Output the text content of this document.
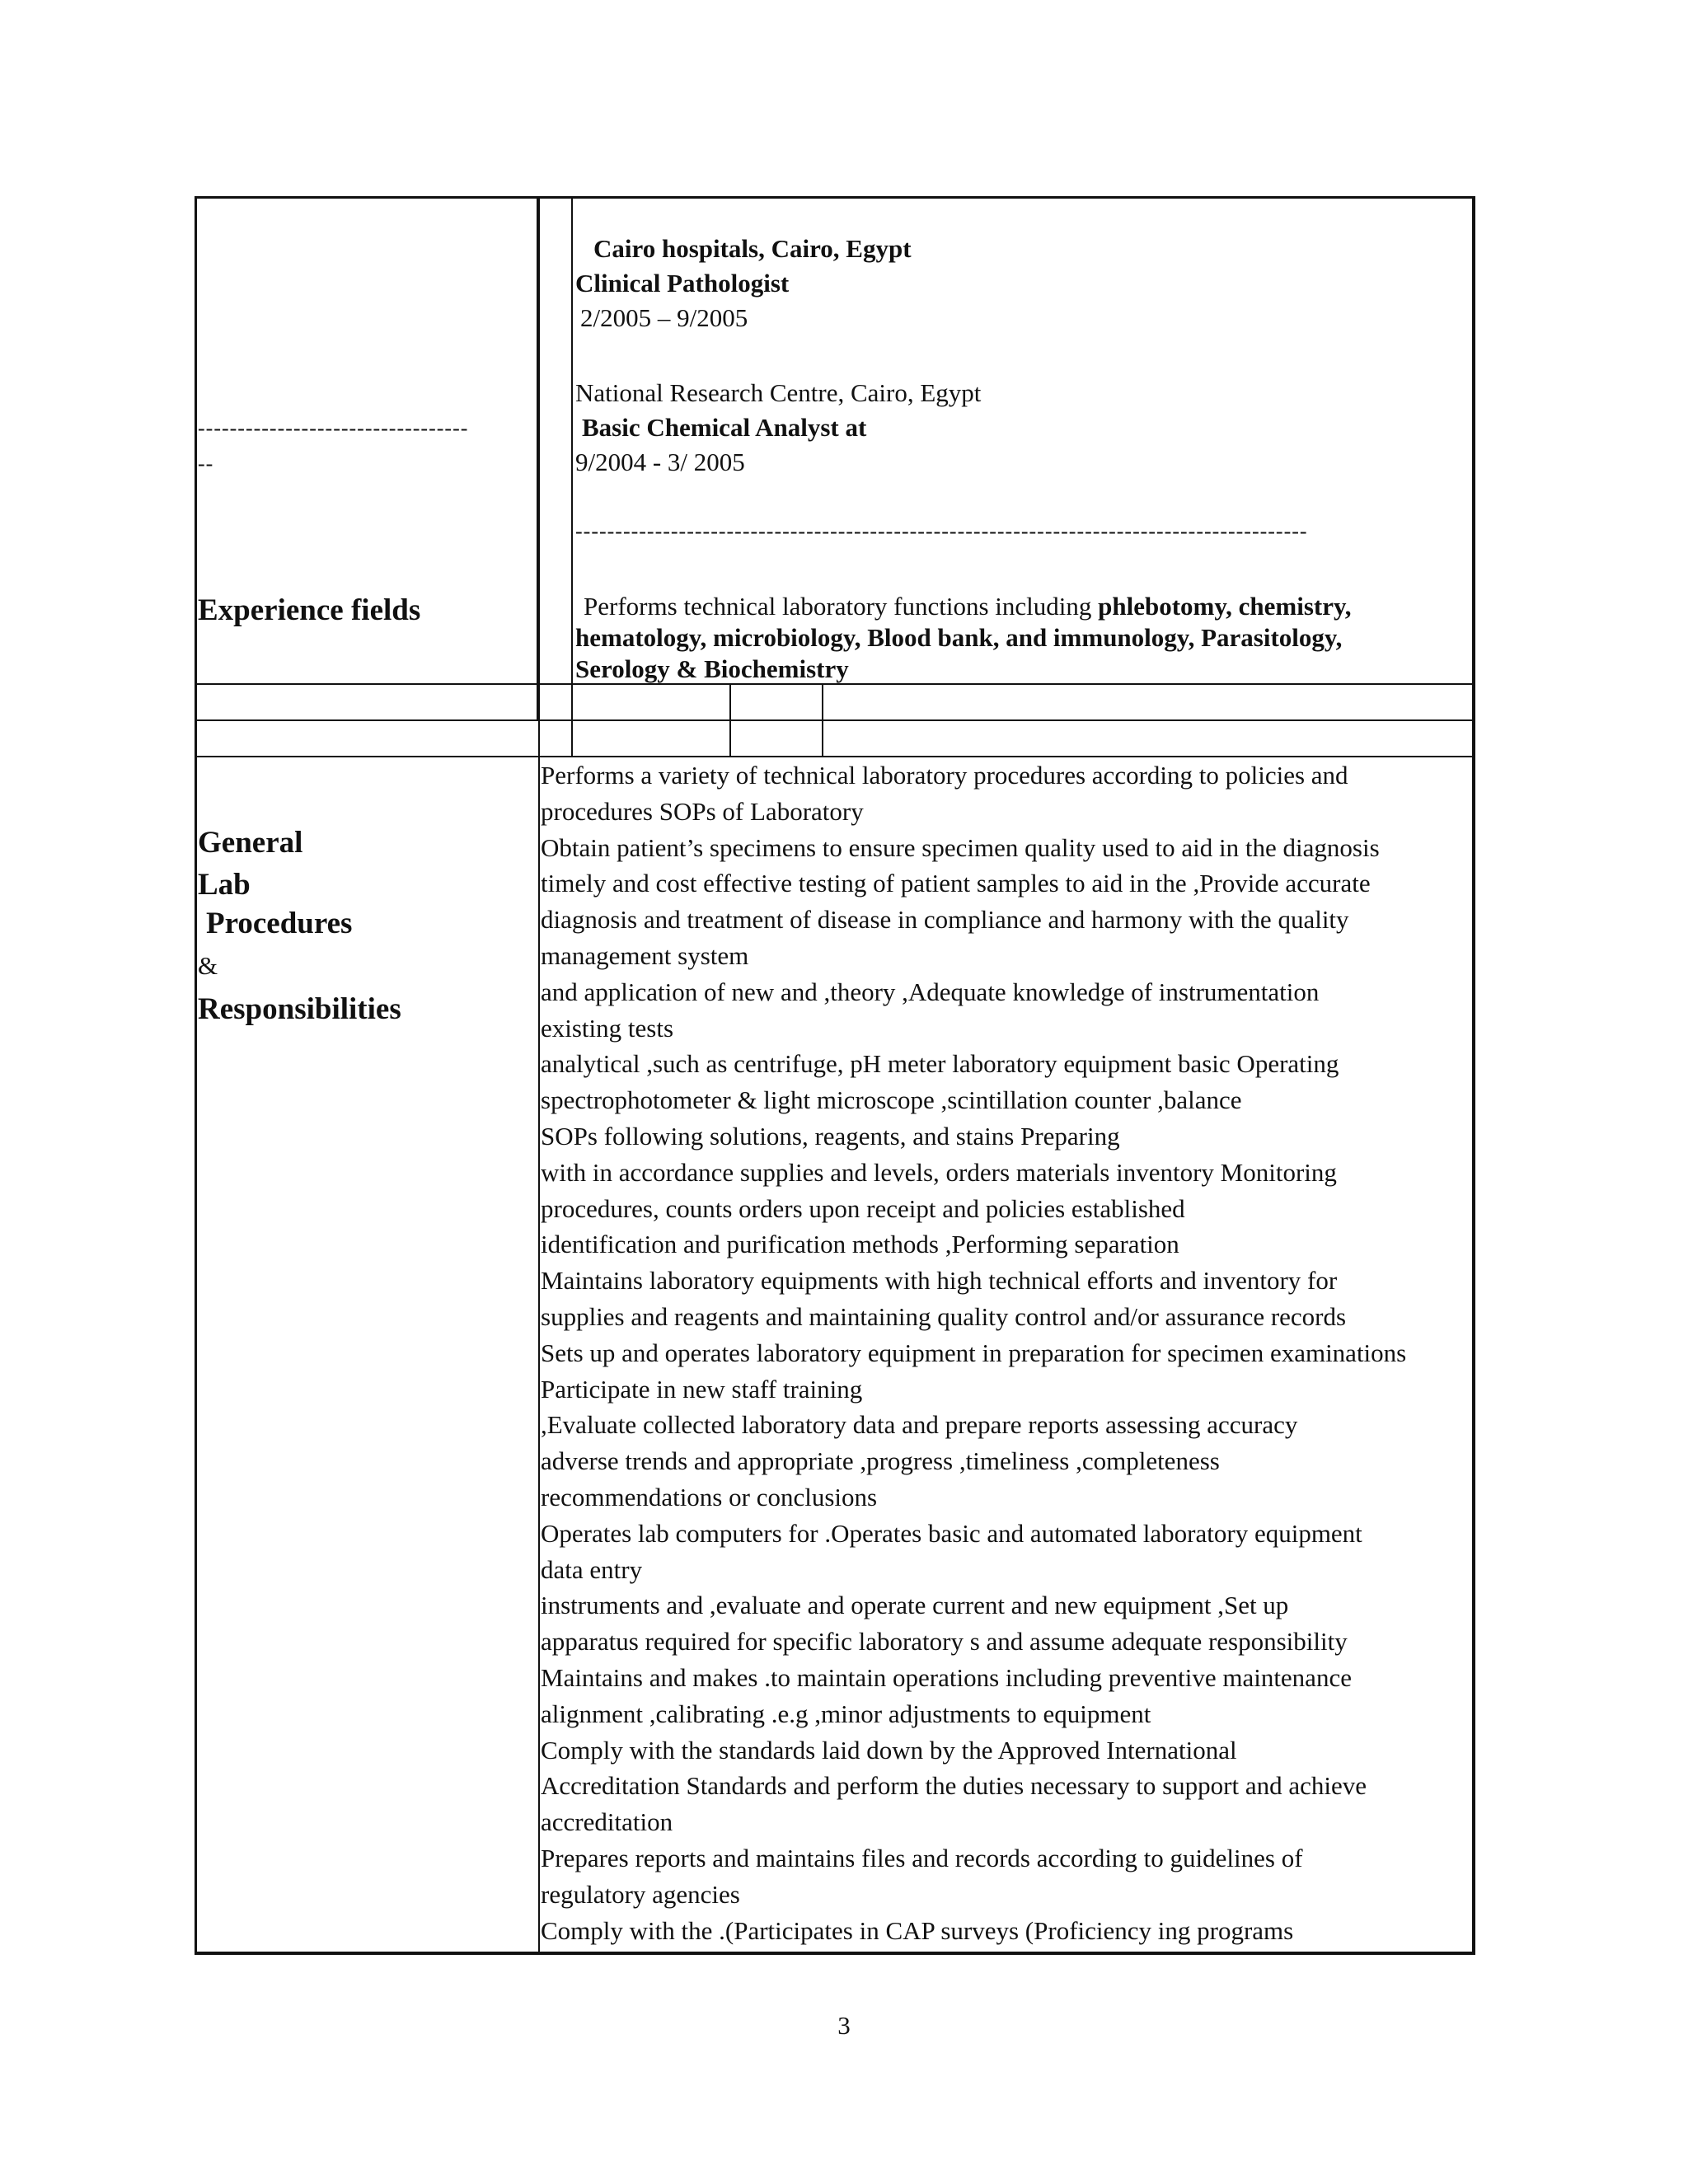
Cairo hospitals, Cairo, Egypt
Clinical Pathologist
2/2005 – 9/2005
National Research Centre, Cairo, Egypt
Basic Chemical Analyst at
9/2004 - 3/ 2005
----------------------------------
--
--------------------------------------------------------------------------------------------
Experience fields	Performs technical laboratory functions including phlebotomy, chemistry,
hematology, microbiology, Blood bank, and immunology, Parasitology,
Serology & Biochemistry
General
Lab
Procedures
&
Responsibilities
Performs a variety of technical laboratory procedures according to policies and
procedures SOPs of Laboratory
Obtain patient’s specimens to ensure specimen quality used to aid in the diagnosis
timely and cost effective testing of patient samples to aid in the ,Provide accurate
diagnosis and treatment of disease in compliance and harmony with the quality
management system
and application of new and ,theory ,Adequate knowledge of instrumentation
existing tests
analytical ,such as centrifuge, pH meter laboratory equipment basic Operating
spectrophotometer & light microscope ,scintillation counter ,balance
SOPs following solutions, reagents, and stains Preparing
with in accordance supplies and levels, orders materials inventory Monitoring
procedures, counts orders upon receipt and policies established
identification and purification methods ,Performing separation
Maintains laboratory equipments with high technical efforts and inventory for
supplies and reagents and maintaining quality control and/or assurance records
Sets up and operates laboratory equipment in preparation for specimen examinations
Participate in new staff training
,Evaluate collected laboratory data and prepare reports assessing accuracy
adverse trends and appropriate ,progress ,timeliness ,completeness
recommendations or conclusions
Operates lab computers for .Operates basic and automated laboratory equipment
data entry
instruments and ,evaluate and operate current and new equipment ,Set up
apparatus required for specific laboratory s and assume adequate responsibility
Maintains and makes .to maintain operations including preventive maintenance
alignment ,calibrating .e.g ,minor adjustments to equipment
Comply with the standards laid down by the Approved International
Accreditation Standards and perform the duties necessary to support and achieve
accreditation
Prepares reports and maintains files and records according to guidelines of
regulatory agencies
Comply with the .(Participates in CAP surveys (Proficiency ing programs
3
